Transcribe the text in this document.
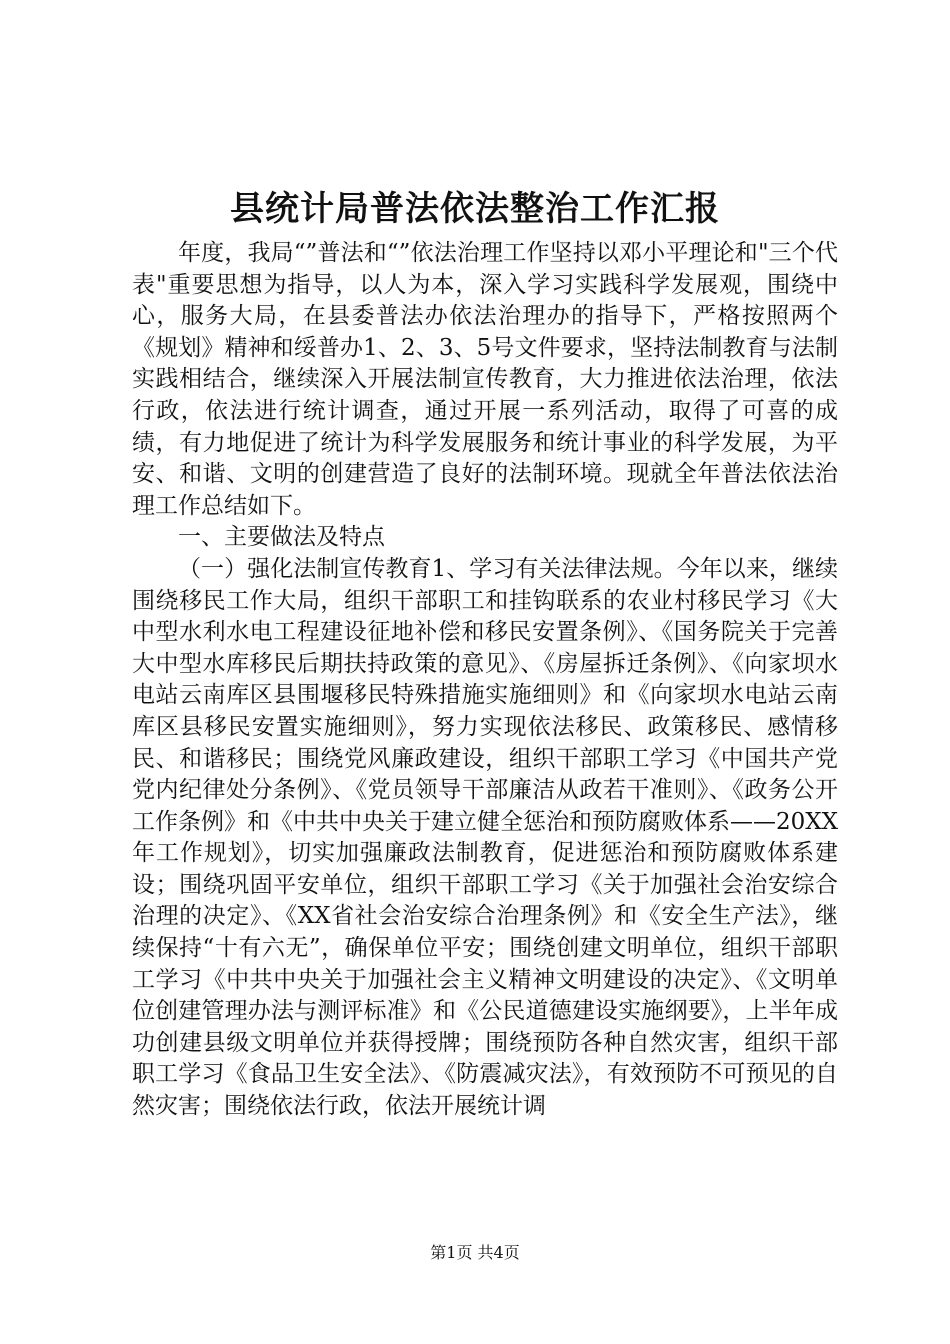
县统计局普法依法整治工作汇报

年度，我局“”普法和“”依法治理工作坚持以邓小平理论和"三个代表"重要思想为指导，以人为本，深入学习实践科学发展观，围绕中心，服务大局，在县委普法办依法治理办的指导下，严格按照两个《规划》精神和绥普办1、2、3、5号文件要求，坚持法制教育与法制实践相结合，继续深入开展法制宣传教育，大力推进依法治理，依法行政，依法进行统计调查，通过开展一系列活动，取得了可喜的成绩，有力地促进了统计为科学发展服务和统计事业的科学发展，为平安、和谐、文明的创建营造了良好的法制环境。现就全年普法依法治理工作总结如下。

一、主要做法及特点

（一）强化法制宣传教育1、学习有关法律法规。今年以来，继续围绕移民工作大局，组织干部职工和挂钩联系的农业村移民学习《大中型水利水电工程建设征地补偿和移民安置条例》、《国务院关于完善大中型水库移民后期扶持政策的意见》、《房屋拆迁条例》、《向家坝水电站云南库区县围堰移民特殊措施实施细则》和《向家坝水电站云南库区县移民安置实施细则》，努力实现依法移民、政策移民、感情移民、和谐移民；围绕党风廉政建设，组织干部职工学习《中国共产党党内纪律处分条例》、《党员领导干部廉洁从政若干准则》、《政务公开工作条例》和《中共中央关于建立健全惩治和预防腐败体系——20XX年工作规划》，切实加强廉政法制教育，促进惩治和预防腐败体系建设；围绕巩固平安单位，组织干部职工学习《关于加强社会治安综合治理的决定》、《XX省社会治安综合治理条例》和《安全生产法》，继续保持“十有六无”，确保单位平安；围绕创建文明单位，组织干部职工学习《中共中央关于加强社会主义精神文明建设的决定》、《文明单位创建管理办法与测评标准》和《公民道德建设实施纲要》，上半年成功创建县级文明单位并获得授牌；围绕预防各种自然灾害，组织干部职工学习《食品卫生安全法》、《防震减灾法》，有效预防不可预见的自然灾害；围绕依法行政，依法开展统计调

第1页 共4页
